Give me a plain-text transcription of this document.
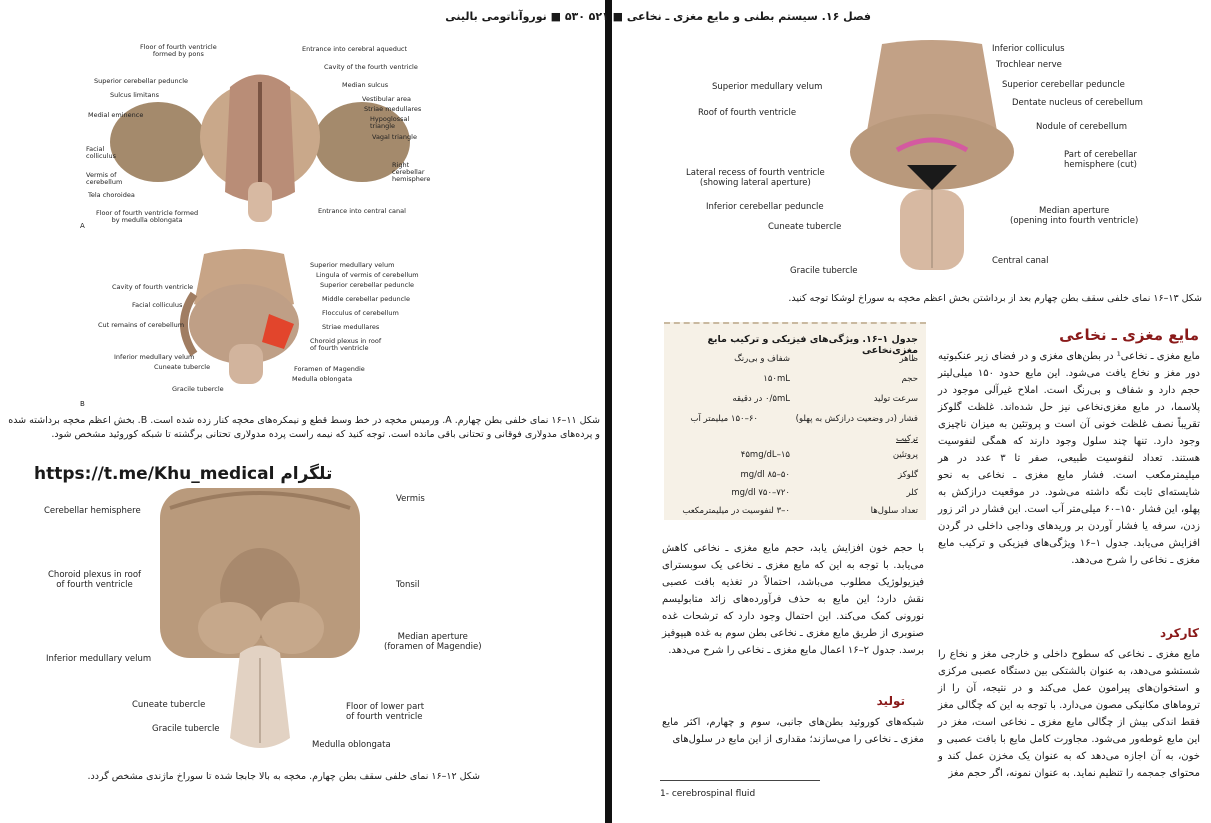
۵۳۰ ■ نوروآناتومی بالینی
Floor of fourth ventricle
formed by pons
Superior cerebellar peduncle
Sulcus limitans
Medial eminence
Facial
colliculus
Vermis of
cerebellum
Tela choroidea
Floor of fourth ventricle formed
by medulla oblongata
Entrance into cerebral aqueduct
Cavity of the fourth ventricle
Median sulcus
Vestibular area
Striae medullares
Hypoglossal
triangle
Vagal triangle
Right
cerebellar
hemisphere
Entrance into central canal
A
Cavity of fourth ventricle
Facial colliculus
Cut remains of cerebellum
Inferior medullary velum
Cuneate tubercle
Gracile tubercle
Superior medullary velum
Lingula of vermis of cerebellum
Superior cerebellar peduncle
Middle cerebellar peduncle
Flocculus of cerebellum
Striae medullares
Choroid plexus in roof
of fourth ventricle
Foramen of Magendie
Medulla oblongata
B
شکل ۱۱–۱۶ نمای خلفی بطن چهارم. A. ورمیس مخچه در خط وسط قطع و نیمکره‌های مخچه کنار زده شده است. B. بخش اعظم مخچه برداشته شده و پرده‌های مدولاری فوقانی و تحتانی باقی مانده است. توجه کنید که نیمه راست پرده مدولاری تحتانی برگشته تا شبکه کوروئید مشخص شود.
https://t.me/Khu_medical تلگرام
Cerebellar hemisphere
Choroid plexus in roof
of fourth ventricle
Inferior medullary velum
Cuneate tubercle
Gracile tubercle
Vermis
Tonsil
Median aperture
(foramen of Magendie)
Floor of lower part
of fourth ventricle
Medulla oblongata
شکل ۱۲–۱۶ نمای خلفی سقف بطن چهارم. مخچه به بالا جابجا شده تا سوراخ ماژندی مشخص گردد.
فصل ۱۶. سیستم بطنی و مایع مغزی ـ نخاعی ■ ۵۲۱
Superior medullary velum
Roof of fourth ventricle
Lateral recess of fourth ventricle
(showing lateral aperture)
Inferior cerebellar peduncle
Cuneate tubercle
Gracile tubercle
Inferior colliculus
Trochlear nerve
Superior cerebellar peduncle
Dentate nucleus of cerebellum
Nodule of cerebellum
Part of cerebellar
hemisphere (cut)
Median aperture
(opening into fourth ventricle)
Central canal
شکل ۱۳–۱۶ نمای خلفی سقف بطن چهارم بعد از برداشتن بخش اعظم مخچه به سوراخ لوشکا توجه کنید.
جدول ۱–۱۶. ویژگی‌های فیزیکی و ترکیب مایع مغزی‌نخاعی
ظاهر
شفاف و بی‌رنگ
حجم
۱۵۰mL
سرعت تولید
۰/۵mL در دقیقه
فشار (در وضعیت درازکش به پهلو)
۶۰–۱۵۰ میلیمتر آب
ترکیب
پروتئین
۱۵–۴۵mg/dL
گلوکز
۵۰–۸۵ mg/dl
کلر
۷۲۰–۷۵۰ mg/dl
تعداد سلول‌ها
۰–۳ لنفوسیت در میلیمترمکعب
مایع مغزی ـ نخاعی
مایع مغزی ـ نخاعی¹ در بطن‌های مغزی و در فضای زیر عنکبوتیه دور مغز و نخاع یافت می‌شود. این مایع حدود ۱۵۰ میلی‌لیتر حجم دارد و شفاف و بی‌رنگ است. املاح غیرآلی موجود در پلاسما، در مایع مغزی‌نخاعی نیز حل شده‌اند. غلظت گلوکز تقریباً نصف غلظت خونی آن است و پروتئین به میزان ناچیزی وجود دارد. تنها چند سلول وجود دارند که همگی لنفوسیت هستند. تعداد لنفوسیت طبیعی، صفر تا ۳ عدد در هر میلیمترمکعب است. فشار مایع مغزی ـ نخاعی به نحو شایسته‌ای ثابت نگه داشته می‌شود. در موقعیت درازکش به پهلو، این فشار ۱۵۰–۶۰ میلی‌متر آب است. این فشار در اثر زور زدن، سرفه یا فشار آوردن بر وریدهای وداجی داخلی در گردن افزایش می‌یابد. جدول ۱–۱۶ ویژگی‌های فیزیکی و ترکیب مایع مغزی ـ نخاعی را شرح می‌دهد.
با حجم خون افزایش یابد، حجم مایع مغزی ـ نخاعی کاهش می‌یابد. با توجه به این که مایع مغزی ـ نخاعی یک سوبسترای فیزیولوژیک مطلوب می‌باشد، احتمالاً در تغذیه بافت عصبی نقش دارد؛ این مایع به حذف فرآورده‌های زائد متابولیسم نورونی کمک می‌کند. این احتمال وجود دارد که ترشحات غده صنوبری از طریق مایع مغزی ـ نخاعی بطن سوم به غده هیپوفیز برسد. جدول ۲–۱۶ اعمال مایع مغزی ـ نخاعی را شرح می‌دهد.
تولید
شبکه‌های کوروئید بطن‌های جانبی، سوم و چهارم، اکثر مایع مغزی ـ نخاعی را می‌سازند؛ مقداری از این مایع در سلول‌های
کارکرد
مایع مغزی ـ نخاعی که سطوح داخلی و خارجی مغز و نخاع را شستشو می‌دهد، به عنوان بالشتکی بین دستگاه عصبی مرکزی و استخوان‌های پیرامون عمل می‌کند و در نتیجه، آن را از تروماهای مکانیکی مصون می‌دارد. با توجه به این که چگالی مغز فقط اندکی بیش از چگالی مایع مغزی ـ نخاعی است، مغز در این مایع غوطه‌ور می‌شود. مجاورت کامل مایع با بافت عصبی و خون، به آن اجازه می‌دهد که به عنوان یک مخزن عمل کند و محتوای جمجمه را تنظیم نماید. به عنوان نمونه، اگر حجم مغز
1- cerebrospinal fluid
